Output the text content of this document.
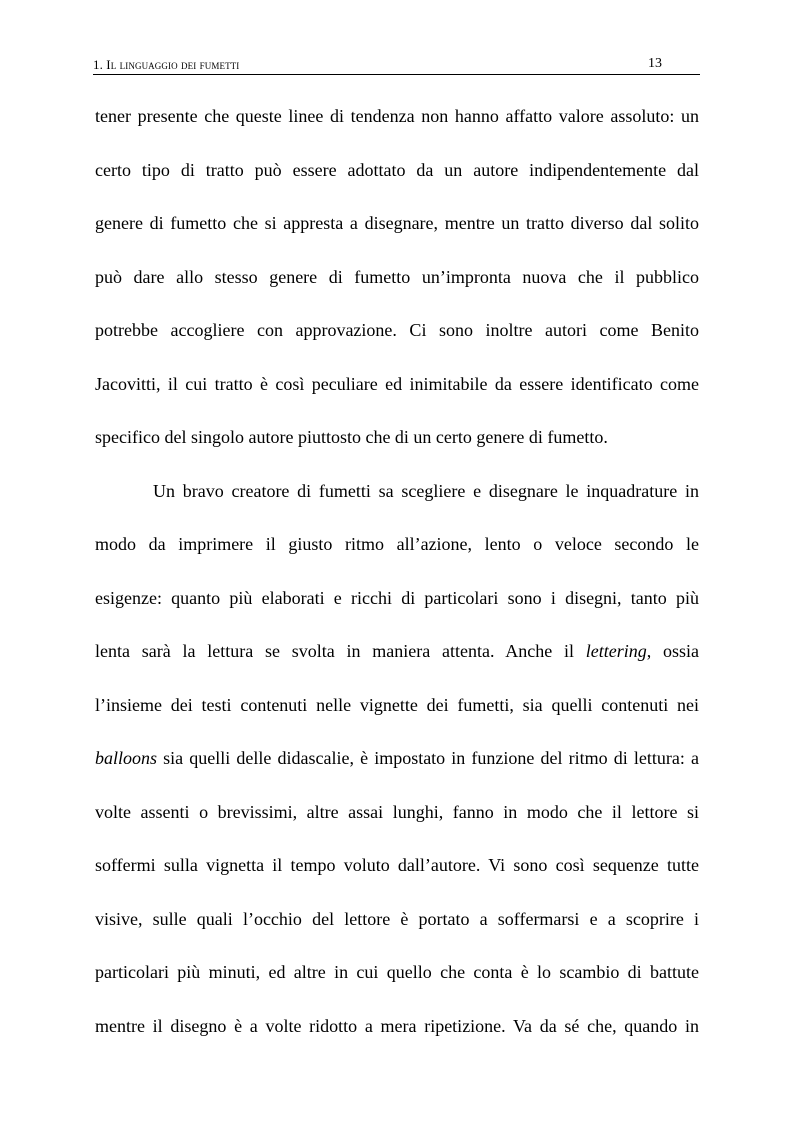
1. Il linguaggio dei fumetti	13
tener presente che queste linee di tendenza non hanno affatto valore assoluto: un
certo tipo di tratto può essere adottato da un autore indipendentemente dal
genere di fumetto che si appresta a disegnare, mentre un tratto diverso dal solito
può dare allo stesso genere di fumetto un’impronta nuova che il pubblico
potrebbe accogliere con approvazione. Ci sono inoltre autori come Benito
Jacovitti, il cui tratto è così peculiare ed inimitabile da essere identificato come
specifico del singolo autore piuttosto che di un certo genere di fumetto.
Un bravo creatore di fumetti sa scegliere e disegnare le inquadrature in
modo da imprimere il giusto ritmo all’azione, lento o veloce secondo le
esigenze: quanto più elaborati e ricchi di particolari sono i disegni, tanto più
lenta sarà la lettura se svolta in maniera attenta. Anche il lettering, ossia
l’insieme dei testi contenuti nelle vignette dei fumetti, sia quelli contenuti nei
balloons sia quelli delle didascalie, è impostato in funzione del ritmo di lettura: a
volte assenti o brevissimi, altre assai lunghi, fanno in modo che il lettore si
soffermi sulla vignetta il tempo voluto dall’autore. Vi sono così sequenze tutte
visive, sulle quali l’occhio del lettore è portato a soffermarsi e a scoprire i
particolari più minuti, ed altre in cui quello che conta è lo scambio di battute
mentre il disegno è a volte ridotto a mera ripetizione. Va da sé che, quando in
